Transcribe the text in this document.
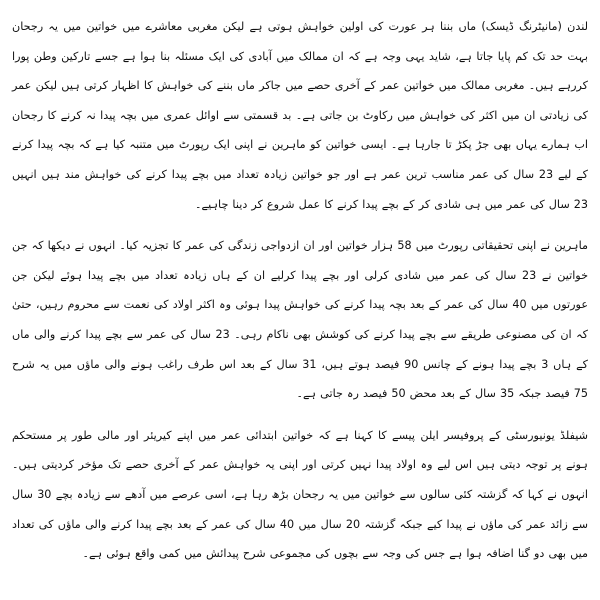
لندن (مانیٹرنگ ڈیسک) ماں بننا ہر عورت کی اولین خواہش ہوتی ہے لیکن مغربی معاشرے میں خواتین میں یہ رجحان بہت حد تک کم پایا جاتا ہے، شاید یہی وجہ ہے کہ ان ممالک میں آبادی کی ایک مسئلہ بنا ہوا ہے جسے تارکین وطن پورا کررہے ہیں۔ مغربی ممالک میں خواتین عمر کے آخری حصے میں جاکر ماں بننے کی خواہش کا اظہار کرتی ہیں لیکن عمر کی زیادتی ان میں اکثر کی خواہش میں رکاوٹ بن جاتی ہے۔ بد قسمتی سے اوائل عمری میں بچہ پیدا نہ کرنے کا رجحان اب ہمارے یہاں بھی جڑ پکڑ تا جارہا ہے۔ ایسی خواتین کو ماہرین نے اپنی ایک رپورٹ میں متنبہ کیا ہے کہ بچہ پیدا کرنے کے لیے 23 سال کی عمر مناسب ترین عمر ہے اور جو خواتین زیادہ تعداد میں بچے پیدا کرنے کی خواہش مند ہیں انہیں 23 سال کی عمر میں ہی شادی کر کے بچے پیدا کرنے کا عمل شروع کر دینا چاہیے۔

ماہرین نے اپنی تحقیقاتی رپورٹ میں 58 ہزار خواتین اور ان ازدواجی زندگی کی عمر کا تجزیہ کیا۔ انہوں نے دیکھا کہ جن خواتین نے 23 سال کی عمر میں شادی کرلی اور بچے پیدا کرلیے ان کے ہاں زیادہ تعداد میں بچے پیدا ہوئے لیکن جن عورتوں میں 40 سال کی عمر کے بعد بچہ پیدا کرنے کی خواہش پیدا ہوئی وہ اکثر اولاد کی نعمت سے محروم رہیں، حتیٰ کہ ان کی مصنوعی طریقے سے بچے پیدا کرنے کی کوشش بھی ناکام رہی۔ 23 سال کی عمر سے بچے پیدا کرنے والی ماں کے ہاں 3 بچے پیدا ہونے کے چانس 90 فیصد ہوتے ہیں، 31 سال کے بعد اس طرف راغب ہونے والی ماؤں میں یہ شرح 75 فیصد جبکہ 35 سال کے بعد محض 50 فیصد رہ جاتی ہے۔

شیفلڈ یونیورسٹی کے پروفیسر ایلن پیسے کا کہنا ہے کہ خواتین ابتدائی عمر میں اپنے کیریئر اور مالی طور پر مستحکم ہونے پر توجہ دیتی ہیں اس لیے وہ اولاد پیدا نہیں کرتی اور اپنی یہ خواہش عمر کے آخری حصے تک مؤخر کردیتی ہیں۔ انہوں نے کہا کہ گزشتہ کئی سالوں سے خواتین میں یہ رجحان بڑھ رہا ہے، اسی عرصے میں آدھے سے زیادہ بچے 30 سال سے زائد عمر کی ماؤں نے پیدا کیے جبکہ گزشتہ 20 سال میں 40 سال کی عمر کے بعد بچے پیدا کرنے والی ماؤں کی تعداد میں بھی دو گنا اضافہ ہوا ہے جس کی وجہ سے بچوں کی مجموعی شرح پیدائش میں کمی واقع ہوئی ہے۔
